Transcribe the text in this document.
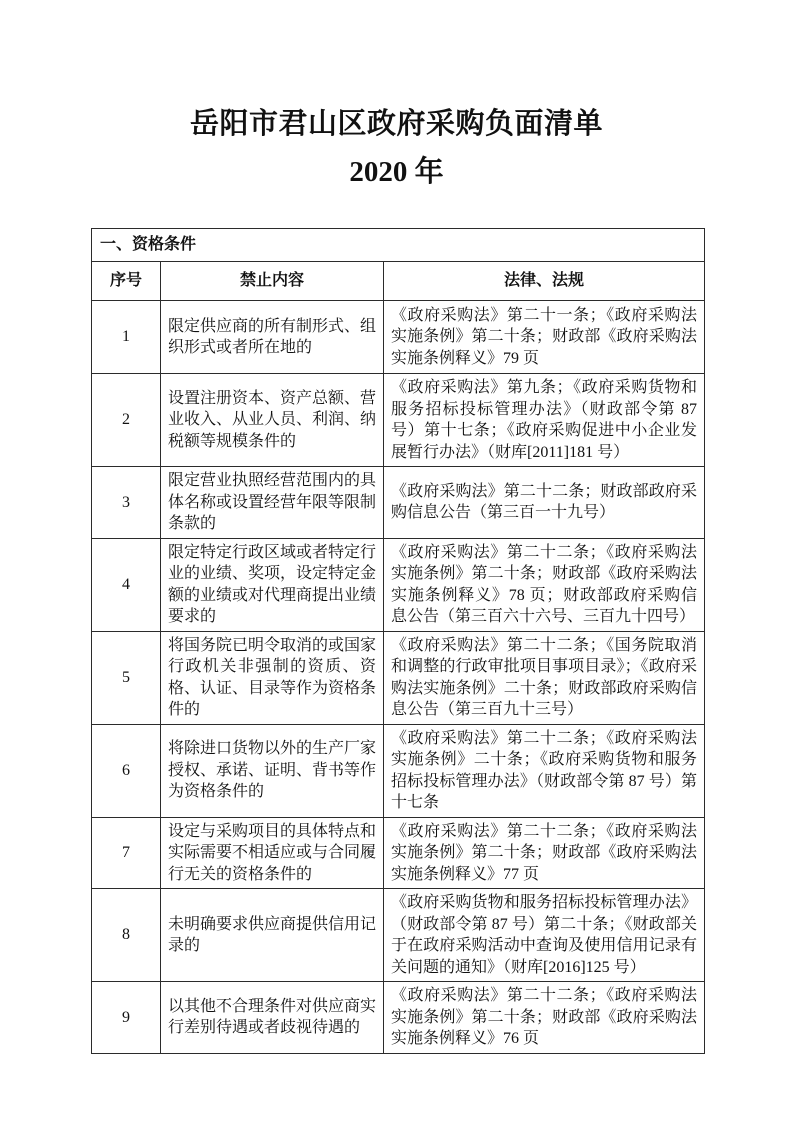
岳阳市君山区政府采购负面清单
2020 年
一、资格条件		
序号	禁止内容	法律、法规
1	限定供应商的所有制形式、组织形式或者所在地的	《政府采购法》第二十一条；《政府采购法实施条例》第二十条；财政部《政府采购法实施条例释义》79 页
2	设置注册资本、资产总额、营业收入、从业人员、利润、纳税额等规模条件的	《政府采购法》第九条；《政府采购货物和服务招标投标管理办法》（财政部令第 87 号）第十七条；《政府采购促进中小企业发展暂行办法》（财库[2011]181 号）
3	限定营业执照经营范围内的具体名称或设置经营年限等限制条款的	《政府采购法》第二十二条；财政部政府采购信息公告（第三百一十九号）
4	限定特定行政区域或者特定行业的业绩、奖项，设定特定金额的业绩或对代理商提出业绩要求的	《政府采购法》第二十二条；《政府采购法实施条例》第二十条；财政部《政府采购法实施条例释义》78 页；财政部政府采购信息公告（第三百六十六号、三百九十四号）
5	将国务院已明令取消的或国家行政机关非强制的资质、资格、认证、目录等作为资格条件的	《政府采购法》第二十二条；《国务院取消和调整的行政审批项目事项目录》；《政府采购法实施条例》二十条；财政部政府采购信息公告（第三百九十三号）
6	将除进口货物以外的生产厂家授权、承诺、证明、背书等作为资格条件的	《政府采购法》第二十二条；《政府采购法实施条例》二十条；《政府采购货物和服务招标投标管理办法》（财政部令第 87 号）第十七条
7	设定与采购项目的具体特点和实际需要不相适应或与合同履行无关的资格条件的	《政府采购法》第二十二条；《政府采购法实施条例》第二十条；财政部《政府采购法实施条例释义》77 页
8	未明确要求供应商提供信用记录的	《政府采购货物和服务招标投标管理办法》（财政部令第 87 号）第二十条；《财政部关于在政府采购活动中查询及使用信用记录有关问题的通知》（财库[2016]125 号）
9	以其他不合理条件对供应商实行差别待遇或者歧视待遇的	《政府采购法》第二十二条；《政府采购法实施条例》第二十条；财政部《政府采购法实施条例释义》76 页
